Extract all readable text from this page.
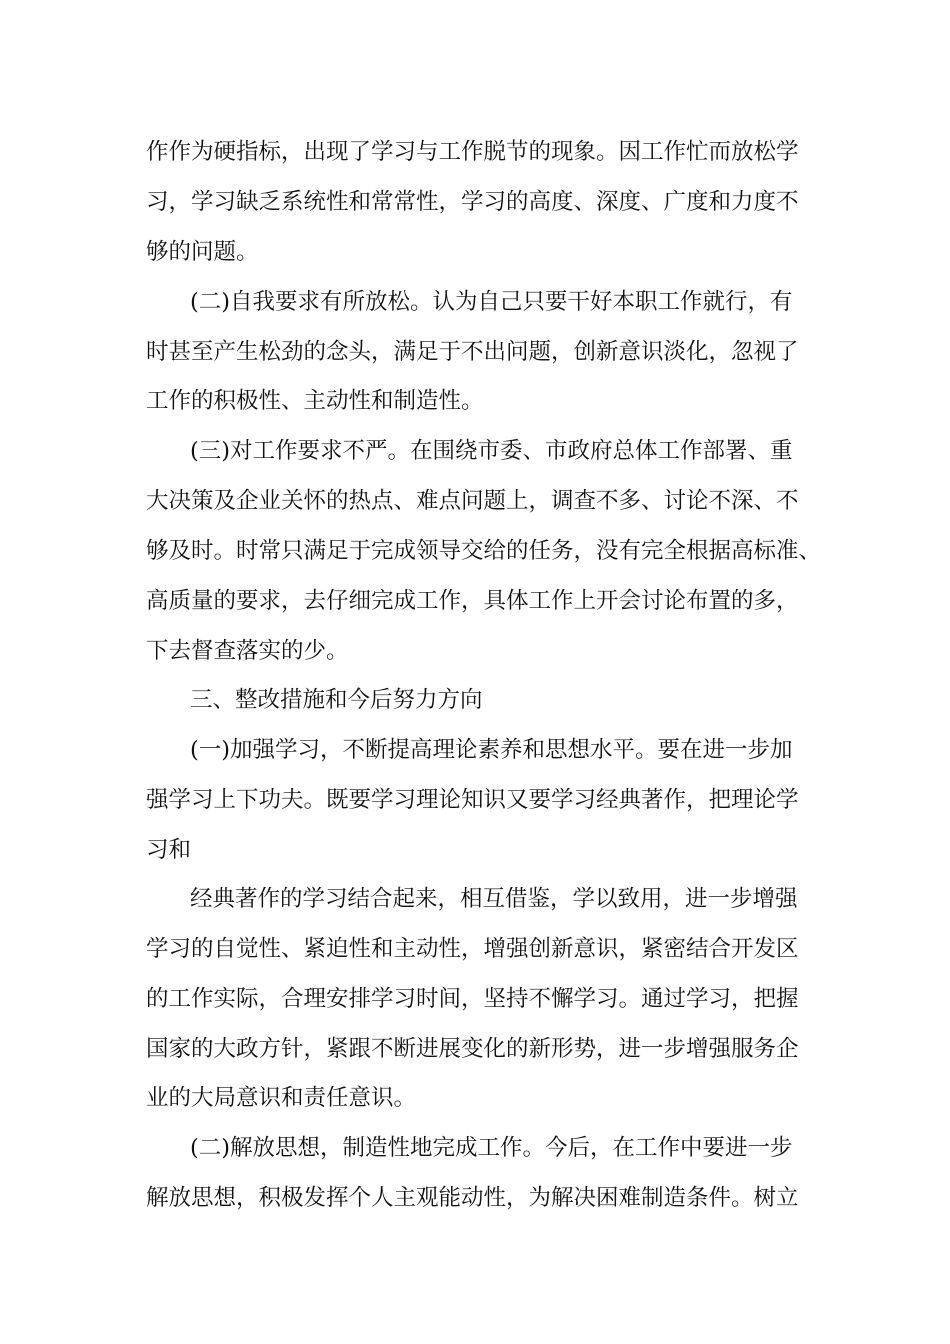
作作为硬指标，出现了学习与工作脱节的现象。因工作忙而放松学
习，学习缺乏系统性和常常性，学习的高度、深度、广度和力度不
够的问题。
(二)自我要求有所放松。认为自己只要干好本职工作就行，有
时甚至产生松劲的念头，满足于不出问题，创新意识淡化，忽视了
工作的积极性、主动性和制造性。
(三)对工作要求不严。在围绕市委、市政府总体工作部署、重
大决策及企业关怀的热点、难点问题上，调查不多、讨论不深、不
够及时。时常只满足于完成领导交给的任务，没有完全根据高标准、
高质量的要求，去仔细完成工作，具体工作上开会讨论布置的多，
下去督查落实的少。
三、整改措施和今后努力方向
(一)加强学习，不断提高理论素养和思想水平。要在进一步加
强学习上下功夫。既要学习理论知识又要学习经典著作，把理论学
习和
经典著作的学习结合起来，相互借鉴，学以致用，进一步增强
学习的自觉性、紧迫性和主动性，增强创新意识，紧密结合开发区
的工作实际，合理安排学习时间，坚持不懈学习。通过学习，把握
国家的大政方针，紧跟不断进展变化的新形势，进一步增强服务企
业的大局意识和责任意识。
(二)解放思想，制造性地完成工作。今后，在工作中要进一步
解放思想，积极发挥个人主观能动性，为解决困难制造条件。树立
